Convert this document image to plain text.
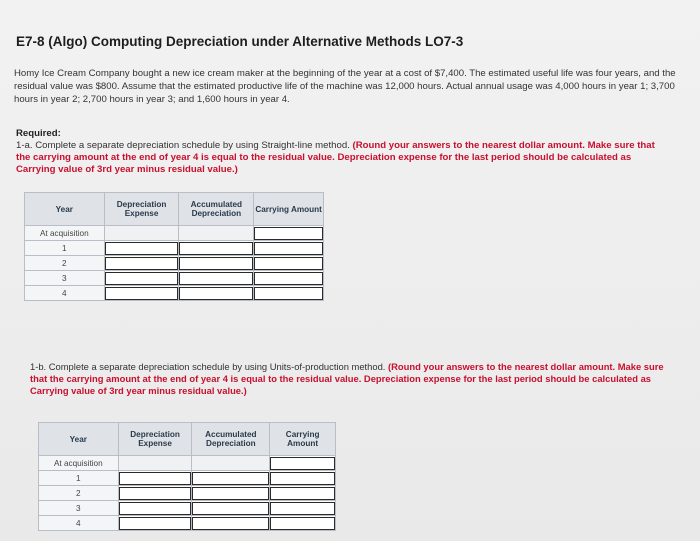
E7-8 (Algo) Computing Depreciation under Alternative Methods LO7-3
Homy Ice Cream Company bought a new ice cream maker at the beginning of the year at a cost of $7,400. The estimated useful life was four years, and the residual value was $800. Assume that the estimated productive life of the machine was 12,000 hours. Actual annual usage was 4,000 hours in year 1; 3,700 hours in year 2; 2,700 hours in year 3; and 1,600 hours in year 4.
Required:
1-a. Complete a separate depreciation schedule by using Straight-line method. (Round your answers to the nearest dollar amount. Make sure that the carrying amount at the end of year 4 is equal to the residual value. Depreciation expense for the last period should be calculated as Carrying value of 3rd year minus residual value.)
Year	Depreciation Expense	Accumulated Depreciation	Carrying Amount
At acquisition			

1	

2	

3	

4	

1-b. Complete a separate depreciation schedule by using Units-of-production method. (Round your answers to the nearest dollar amount. Make sure that the carrying amount at the end of year 4 is equal to the residual value. Depreciation expense for the last period should be calculated as Carrying value of 3rd year minus residual value.)
Year	Depreciation Expense	Accumulated Depreciation	Carrying Amount
At acquisition			

1	

2	

3	

4	
